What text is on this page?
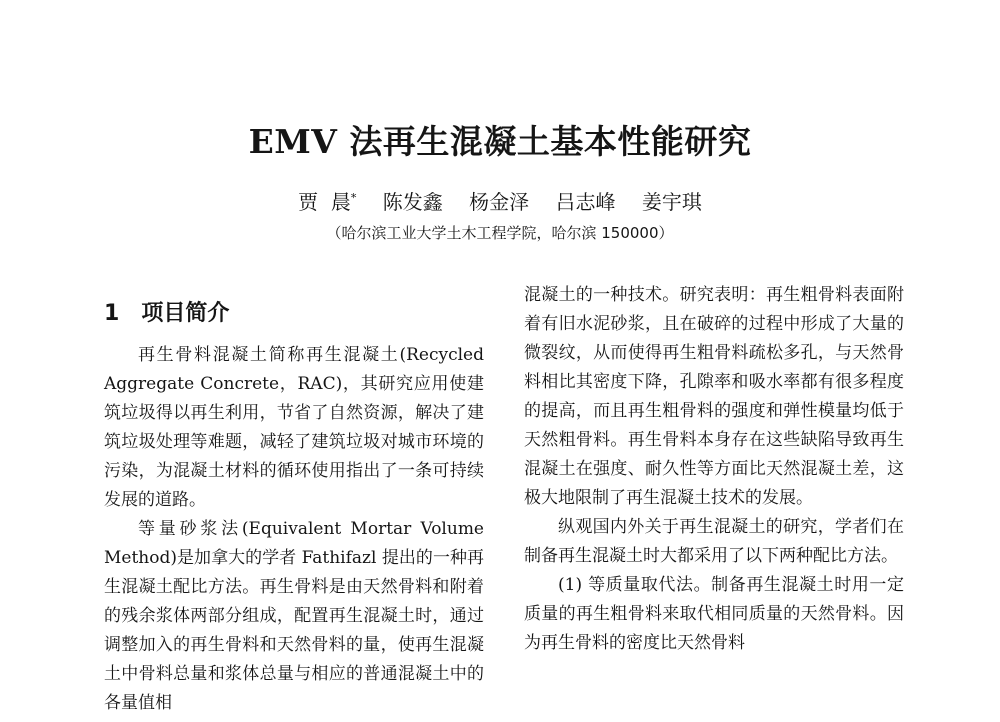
EMV 法再生混凝土基本性能研究
贾  晨* 陈发鑫 杨金泽 吕志峰 姜宇琪
（哈尔滨工业大学土木工程学院，哈尔滨 150000）
1 项目简介

再生骨料混凝土简称再生混凝土(Recycled Aggregate Concrete，RAC)，其研究应用使建筑垃圾得以再生利用，节省了自然资源，解决了建筑垃圾处理等难题，减轻了建筑垃圾对城市环境的污染，为混凝土材料的循环使用指出了一条可持续发展的道路。

等量砂浆法(Equivalent Mortar Volume Method)是加拿大的学者 Fathifazl 提出的一种再生混凝土配比方法。再生骨料是由天然骨料和附着的残余浆体两部分组成，配置再生混凝土时，通过调整加入的再生骨料和天然骨料的量，使再生混凝土中骨料总量和浆体总量与相应的普通混凝土中的各量值相

混凝土的一种技术。研究表明：再生粗骨料表面附着有旧水泥砂浆，且在破碎的过程中形成了大量的微裂纹，从而使得再生粗骨料疏松多孔，与天然骨料相比其密度下降，孔隙率和吸水率都有很多程度的提高，而且再生粗骨料的强度和弹性模量均低于天然粗骨料。再生骨料本身存在这些缺陷导致再生混凝土在强度、耐久性等方面比天然混凝土差，这极大地限制了再生混凝土技术的发展。

纵观国内外关于再生混凝土的研究，学者们在制备再生混凝土时大都采用了以下两种配比方法。

(1) 等质量取代法。制备再生混凝土时用一定质量的再生粗骨料来取代相同质量的天然骨料。因为再生骨料的密度比天然骨料
